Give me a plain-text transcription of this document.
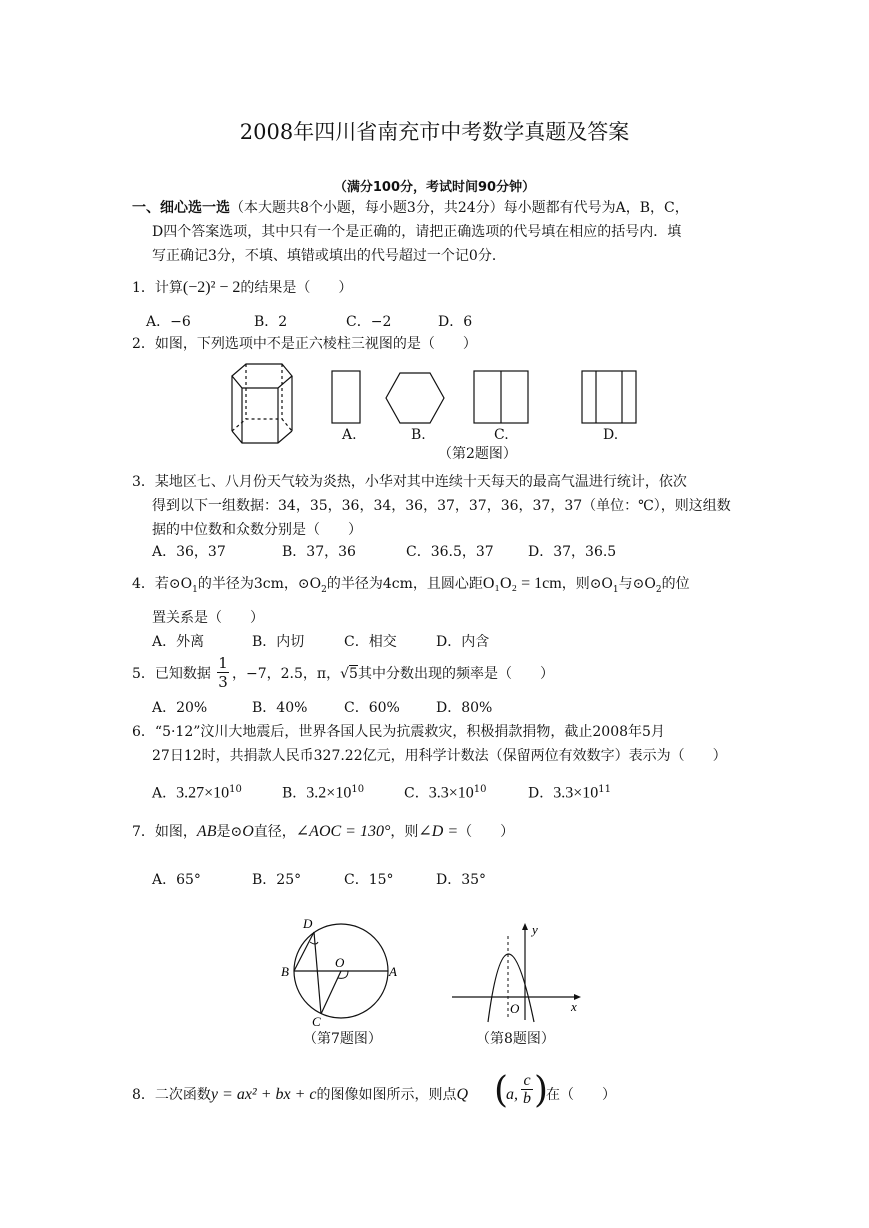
2008年四川省南充市中考数学真题及答案
（满分100分，考试时间90分钟）
一、细心选一选（本大题共8个小题，每小题3分，共24分）每小题都有代号为A，B，C，
D四个答案选项，其中只有一个是正确的，请把正确选项的代号填在相应的括号内．填
写正确记3分，不填、填错或填出的代号超过一个记0分．
1．计算(−2)² − 2的结果是（　　）
A．−6	B．2	C．−2	D．6
2．如图，下列选项中不是正六棱柱三视图的是（　　）
A.	B.	C.	D.
（第2题图）
3．某地区七、八月份天气较为炎热，小华对其中连续十天每天的最高气温进行统计，依次
得到以下一组数据：34，35，36，34，36，37，37，36，37，37（单位：℃），则这组数
据的中位数和众数分别是（　　）
A．36，37	B．37，36	C．36.5，37 D．37，36.5
4．若$⊙O_1$的半径为3cm，$⊙O_2$的半径为4cm，且圆心距O₁O₂ = 1cm，则$⊙O_1$与$⊙O_2$的位
置关系是（　　）
A．外离	B．内切	C．相交	D．内含
5．已知数据
1
3 ，−7，2.5，π，√5其中分数出现的频率是（　　）
A．20%	B．40%	C．60%	D．80%
6．“5·12”汶川大地震后，世界各国人民为抗震救灾，积极捐款捐物，截止2008年5月
27日12时，共捐款人民币327.22亿元，用科学计数法（保留两位有效数字）表示为（　　）
A．$3.27\times 10^{10}$	B．$3.2\times 10^{10}$	C．$3.3\times 10^{10}$	D．$3.3\times 10^{11}$
7．如图，AB是⊙O直径，∠AOC = 130°，则∠D =（　　）
A．65°	B．25°	C．15°	D．35°
D
B
O
A
C
（第7题图）
y
x
O
（第8题图）
8．二次函数y = ax² + bx + c的图像如图所示，则点Q (
a,
c
b )
在（　　）
